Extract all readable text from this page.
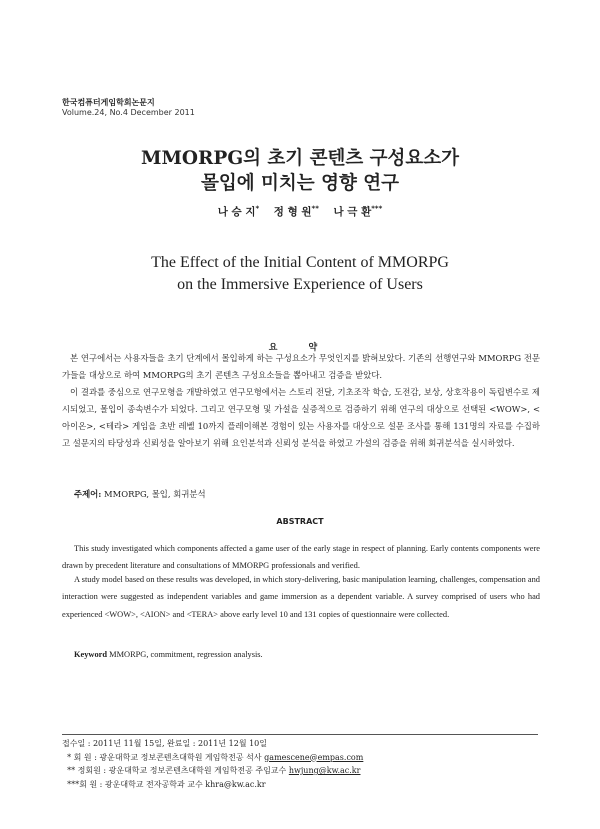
한국컴퓨터게임학회논문지
Volume.24, No.4 December 2011
MMORPG의 초기 콘텐츠 구성요소가
몰입에 미치는 영향 연구
나 승 지* 정 형 원** 나 극 환***
The Effect of the Initial Content of MMORPG
on the Immersive Experience of Users
요 약
본 연구에서는 사용자들을 초기 단계에서 몰입하게 하는 구성요소가 무엇인지를 밝혀보았다. 기존의 선행연구와 MMORPG 전문가들을 대상으로 하여 MMORPG의 초기 콘텐츠 구성요소들을 뽑아내고 검증을 받았다.
이 결과를 중심으로 연구모형을 개발하였고 연구모형에서는 스토리 전달, 기초조작 학습, 도전감, 보상, 상호작용이 독립변수로 제시되었고, 몰입이 종속변수가 되었다. 그리고 연구모형 및 가설을 실증적으로 검증하기 위해 연구의 대상으로 선택된 <WOW>, <아이온>, <테라> 게임을 초반 레벨 10까지 플레이해본 경험이 있는 사용자를 대상으로 설문 조사를 통해 131명의 자료를 수집하고 설문지의 타당성과 신뢰성을 알아보기 위해 요인분석과 신뢰성 분석을 하였고 가설의 검증을 위해 회귀분석을 실시하였다.
주제어: MMORPG, 몰입, 회귀분석
ABSTRACT
This study investigated which components affected a game user of the early stage in respect of planning. Early contents components were drawn by precedent literature and consultations of MMORPG professionals and verified.
A study model based on these results was developed, in which story-delivering, basic manipulation learning, challenges, compensation and interaction were suggested as independent variables and game immersion as a dependent variable. A survey comprised of users who had experienced <WOW>, <AION> and <TERA> above early level 10 and 131 copies of questionnaire were collected.
Keyword MMORPG, commitment, regression analysis.
접수일 : 2011년 11월 15일, 완료일 : 2011년 12월 10일
* 회 원 : 광운대학교 정보콘텐츠대학원 게임학전공 석사 gamescene@empas.com
** 정회원 : 광운대학교 정보콘텐츠대학원 게임학전공 주임교수 hwjung@kw.ac.kr
***회 원 : 광운대학교 전자공학과 교수 khra@kw.ac.kr
